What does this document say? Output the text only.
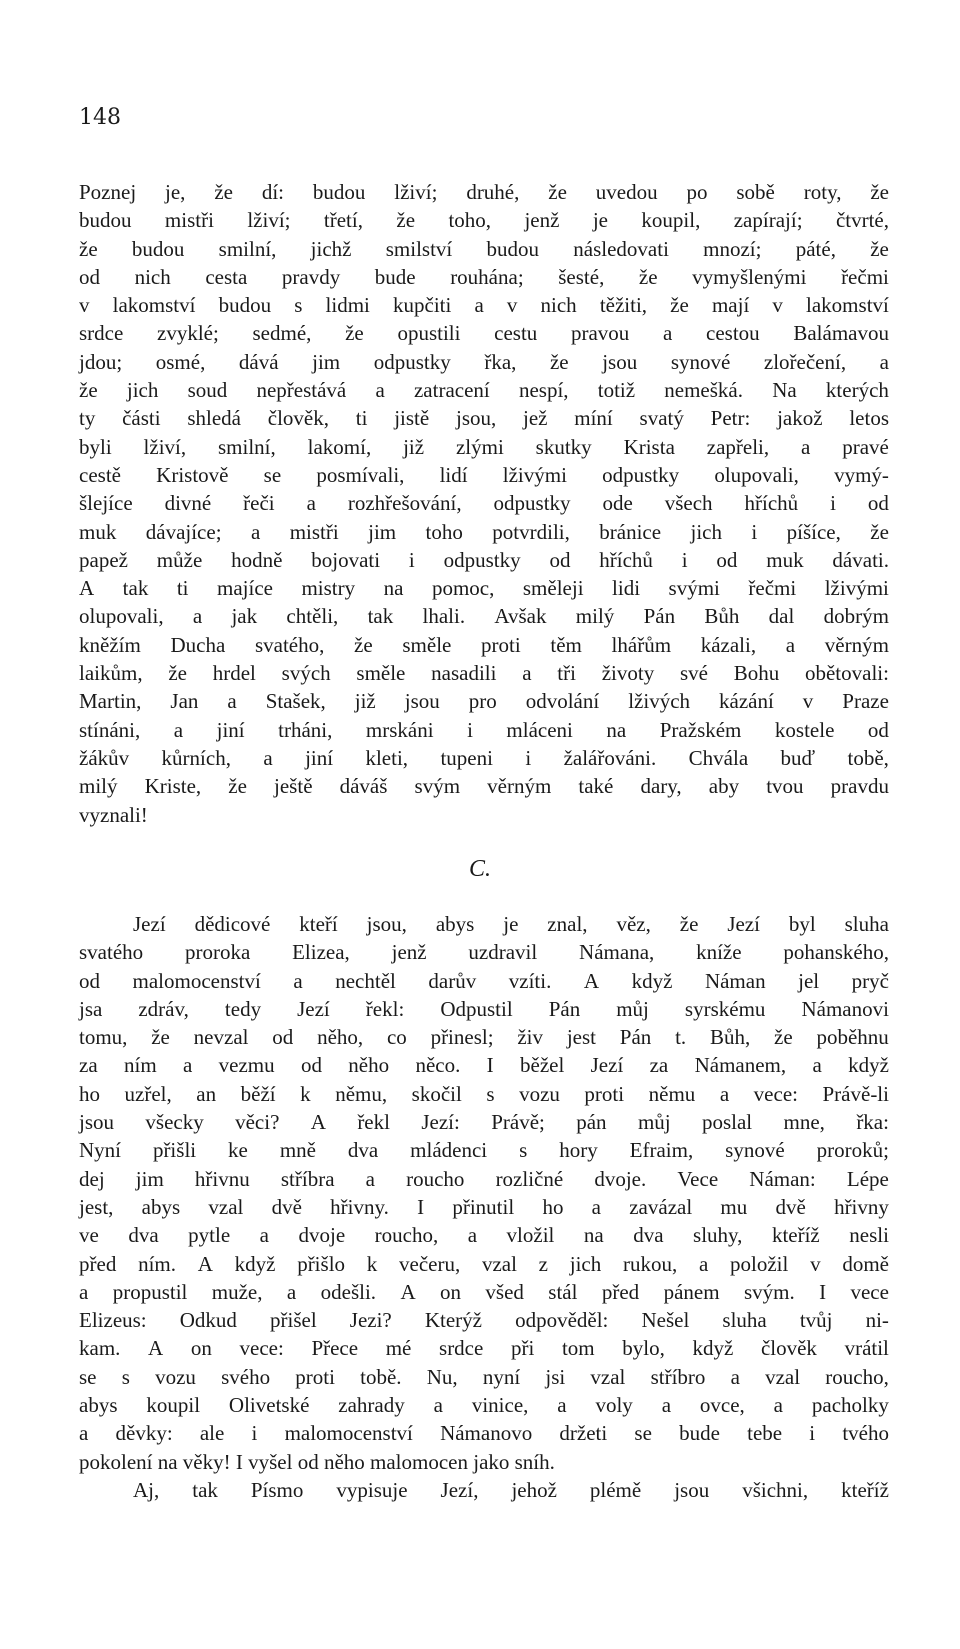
148
Poznej je, že dí: budou lživí; druhé, že uvedou po sobě roty, že
budou mistři lživí; třetí, že toho, jenž je koupil, zapírají; čtvrté,
že budou smilní, jichž smilství budou následovati mnozí; páté, že
od nich cesta pravdy bude rouhána; šesté, že vymyšlenými řečmi
v lakomství budou s lidmi kupčiti a v nich těžiti, že mají v lakomství
srdce zvyklé; sedmé, že opustili cestu pravou a cestou Balámavou
jdou; osmé, dává jim odpustky řka, že jsou synové zlořečení, a
že jich soud nepřestává a zatracení nespí, totiž nemešká. Na kterých
ty části shledá člověk, ti jistě jsou, jež míní svatý Petr: jakož letos
byli lživí, smilní, lakomí, již zlými skutky Krista zapřeli, a pravé
cestě Kristově se posmívali, lidí lživými odpustky olupovali, vymý-
šlejíce divné řeči a rozhřešování, odpustky ode všech hříchů i od
muk dávajíce; a mistři jim toho potvrdili, bránice jich i píšíce, že
papež může hodně bojovati i odpustky od hříchů i od muk dávati.
A tak ti majíce mistry na pomoc, směleji lidi svými řečmi lživými
olupovali, a jak chtěli, tak lhali. Avšak milý Pán Bůh dal dobrým
kněžím Ducha svatého, že směle proti těm lhářům kázali, a věrným
laikům, že hrdel svých směle nasadili a tři životy své Bohu obětovali:
Martin, Jan a Stašek, již jsou pro odvolání lživých kázání v Praze
stínáni, a jiní trháni, mrskáni i mláceni na Pražském kostele od
žákův kůrních, a jiní kleti, tupeni i žalářováni. Chvála buď tobě,
milý Kriste, že ještě dáváš svým věrným také dary, aby tvou pravdu
vyznali!
C.
Jezí dědicové kteří jsou, abys je znal, věz, že Jezí byl sluha
svatého proroka Elizea, jenž uzdravil Námana, kníže pohanského,
od malomocenství a nechtěl darův vzíti. A když Náman jel pryč
jsa zdráv, tedy Jezí řekl: Odpustil Pán můj syrskému Námanovi
tomu, že nevzal od něho, co přinesl; živ jest Pán t. Bůh, že poběhnu
za ním a vezmu od něho něco. I běžel Jezí za Námanem, a když
ho uzřel, an běží k němu, skočil s vozu proti němu a vece: Právě-li
jsou všecky věci? A řekl Jezí: Právě; pán můj poslal mne, řka:
Nyní přišli ke mně dva mládenci s hory Efraim, synové proroků;
dej jim hřivnu stříbra a roucho rozličné dvoje. Vece Náman: Lépe
jest, abys vzal dvě hřivny. I přinutil ho a zavázal mu dvě hřivny
ve dva pytle a dvoje roucho, a vložil na dva sluhy, kteříž nesli
před ním. A když přišlo k večeru, vzal z jich rukou, a položil v domě
a propustil muže, a odešli. A on všed stál před pánem svým. I vece
Elizeus: Odkud přišel Jezi? Kterýž odpověděl: Nešel sluha tvůj ni-
kam. A on vece: Přece mé srdce při tom bylo, když člověk vrátil
se s vozu svého proti tobě. Nu, nyní jsi vzal stříbro a vzal roucho,
abys koupil Olivetské zahrady a vinice, a voly a ovce, a pacholky
a děvky: ale i malomocenství Námanovo držeti se bude tebe i tvého
pokolení na věky! I vyšel od něho malomocen jako sníh.
Aj, tak Písmo vypisuje Jezí, jehož plémě jsou všichni, kteříž
